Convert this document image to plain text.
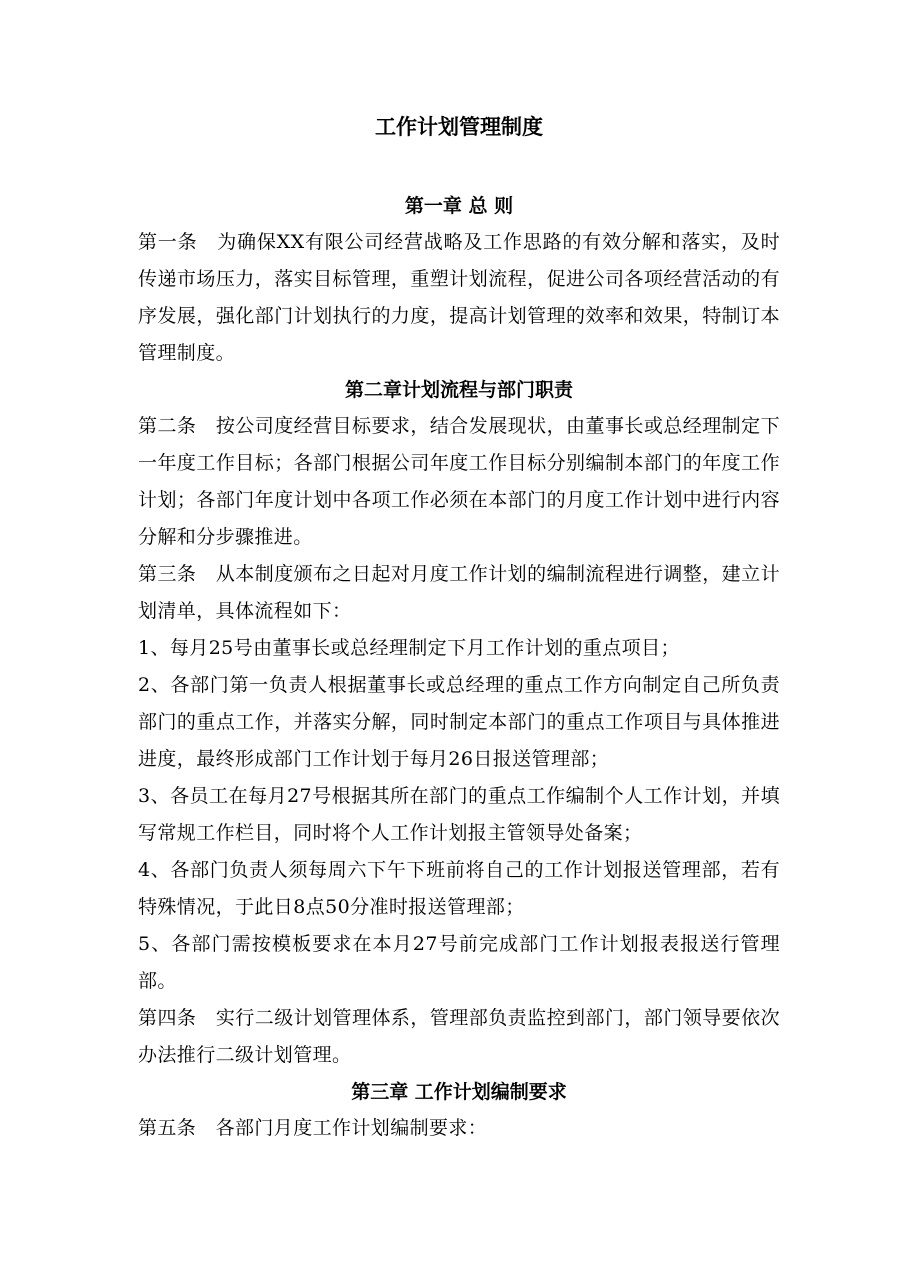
工作计划管理制度
第一章 总 则

第一条　为确保XX有限公司经营战略及工作思路的有效分解和落实，及时传递市场压力，落实目标管理，重塑计划流程，促进公司各项经营活动的有序发展，强化部门计划执行的力度，提高计划管理的效率和效果，特制订本管理制度。

第二章计划流程与部门职责

第二条　按公司度经营目标要求，结合发展现状，由董事长或总经理制定下一年度工作目标；各部门根据公司年度工作目标分别编制本部门的年度工作计划；各部门年度计划中各项工作必须在本部门的月度工作计划中进行内容分解和分步骤推进。

第三条　从本制度颁布之日起对月度工作计划的编制流程进行调整，建立计划清单，具体流程如下：

1、每月25号由董事长或总经理制定下月工作计划的重点项目；

2、各部门第一负责人根据董事长或总经理的重点工作方向制定自己所负责部门的重点工作，并落实分解，同时制定本部门的重点工作项目与具体推进进度，最终形成部门工作计划于每月26日报送管理部；

3、各员工在每月27号根据其所在部门的重点工作编制个人工作计划，并填写常规工作栏目，同时将个人工作计划报主管领导处备案；

4、各部门负责人须每周六下午下班前将自己的工作计划报送管理部，若有特殊情况，于此日8点50分准时报送管理部；

5、各部门需按模板要求在本月27号前完成部门工作计划报表报送行管理部。

第四条　实行二级计划管理体系，管理部负责监控到部门，部门领导要依次办法推行二级计划管理。

第三章 工作计划编制要求

第五条　各部门月度工作计划编制要求：
